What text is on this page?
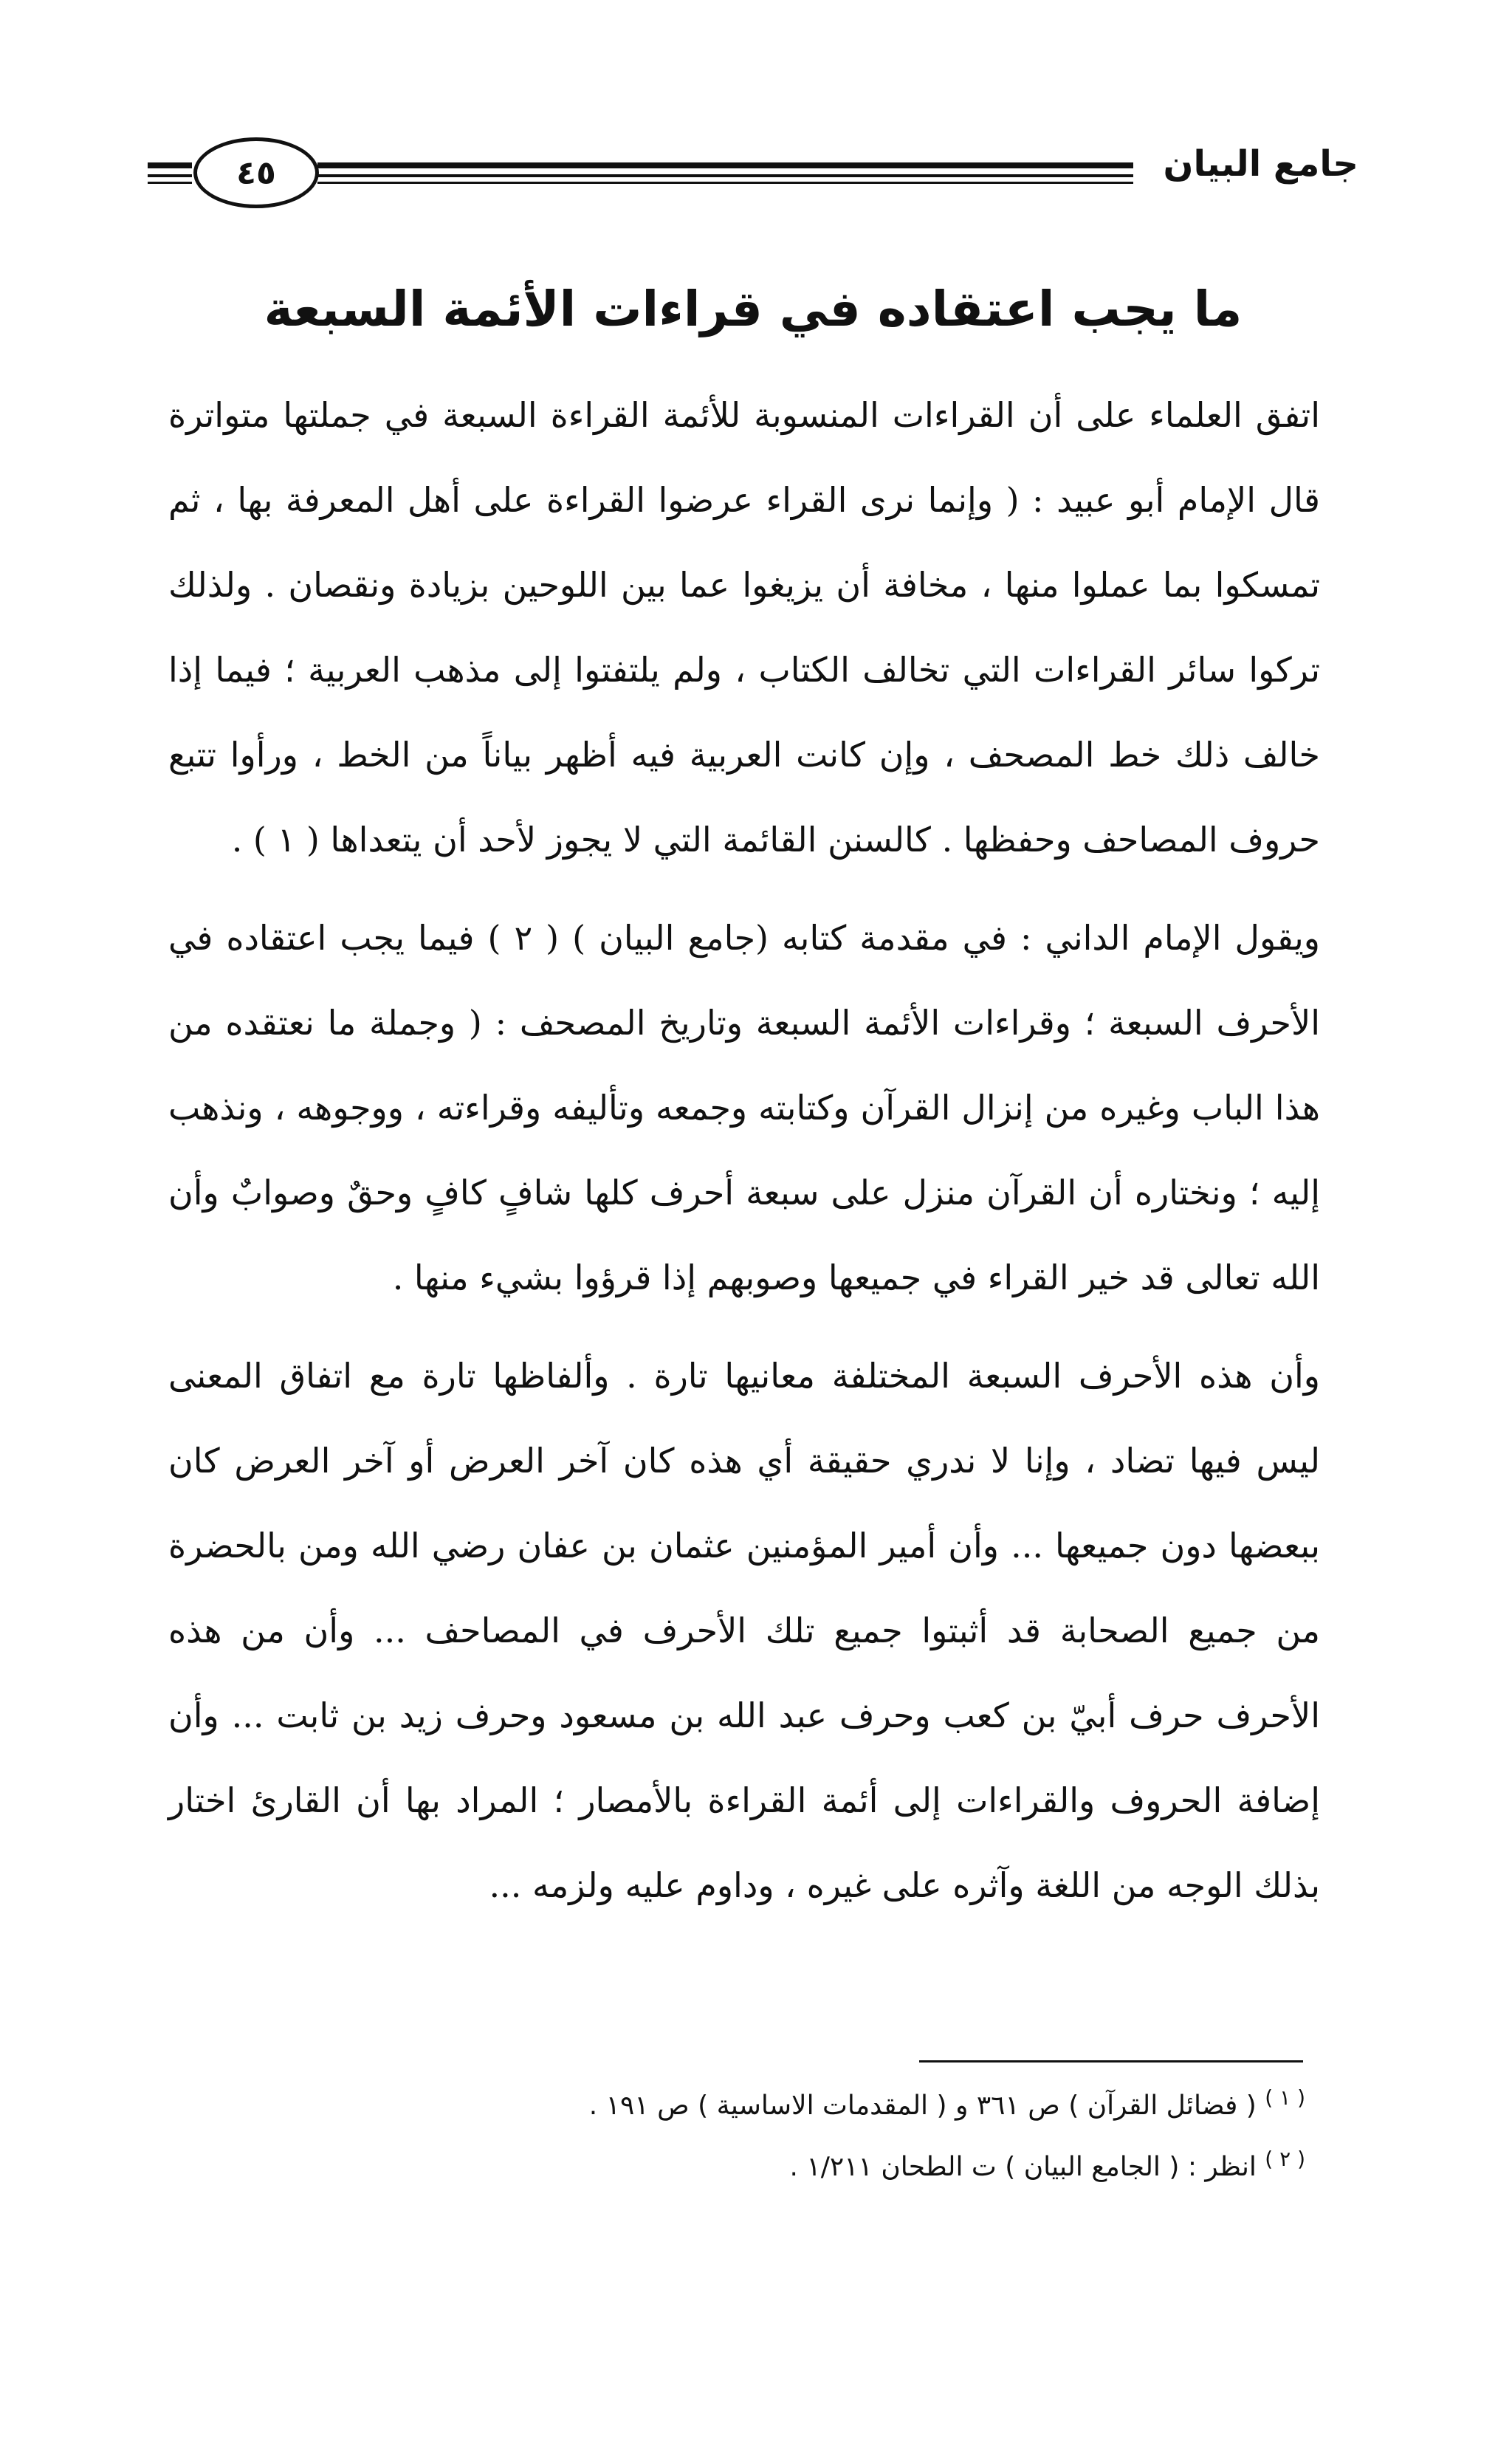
٤٥	جامع البيان
ما يجب اعتقاده في قراءات الأئمة السبعة

اتفق العلماء على أن القراءات المنسوبة للأئمة القراءة السبعة في جملتها متواترة قال الإمام أبو عبيد : ( وإنما نرى القراء عرضوا القراءة على أهل المعرفة بها ، ثم تمسكوا بما عملوا منها ، مخافة أن يزيغوا عما بين اللوحين بزيادة ونقصان . ولذلك تركوا سائر القراءات التي تخالف الكتاب ، ولم يلتفتوا إلى مذهب العربية ؛ فيما إذا خالف ذلك خط المصحف ، وإن كانت العربية فيه أظهر بياناً من الخط ، ورأوا تتبع حروف المصاحف وحفظها . كالسنن القائمة التي لا يجوز لأحد أن يتعداها ( ١ ) .

ويقول الإمام الداني : في مقدمة كتابه (جامع البيان ) ( ٢ ) فيما يجب اعتقاده في الأحرف السبعة ؛ وقراءات الأئمة السبعة وتاريخ المصحف : ( وجملة ما نعتقده من هذا الباب وغيره من إنزال القرآن وكتابته وجمعه وتأليفه وقراءته ، ووجوهه ، ونذهب إليه ؛ ونختاره أن القرآن منزل على سبعة أحرف كلها شافٍ كافٍ وحقٌ وصوابٌ وأن الله تعالى قد خير القراء في جميعها وصوبهم إذا قرؤوا بشيء منها .

وأن هذه الأحرف السبعة المختلفة معانيها تارة . وألفاظها تارة مع اتفاق المعنى ليس فيها تضاد ، وإنا لا ندري حقيقة أي هذه كان آخر العرض أو آخر العرض كان ببعضها دون جميعها ... وأن أمير المؤمنين عثمان بن عفان رضي الله ومن بالحضرة من جميع الصحابة قد أثبتوا جميع تلك الأحرف في المصاحف ... وأن من هذه الأحرف حرف أبيّ بن كعب وحرف عبد الله بن مسعود وحرف زيد بن ثابت ... وأن إضافة الحروف والقراءات إلى أئمة القراءة بالأمصار ؛ المراد بها أن القارئ اختار بذلك الوجه من اللغة وآثره على غيره ، وداوم عليه ولزمه ...

$^{( ١ )}$ ( فضائل القرآن ) ص ٣٦١ و ( المقدمات الاساسية ) ص ١٩١ .

$^{( ٢ )}$ انظر : ( الجامع البيان ) ت الطحان ١/٢١١ .
